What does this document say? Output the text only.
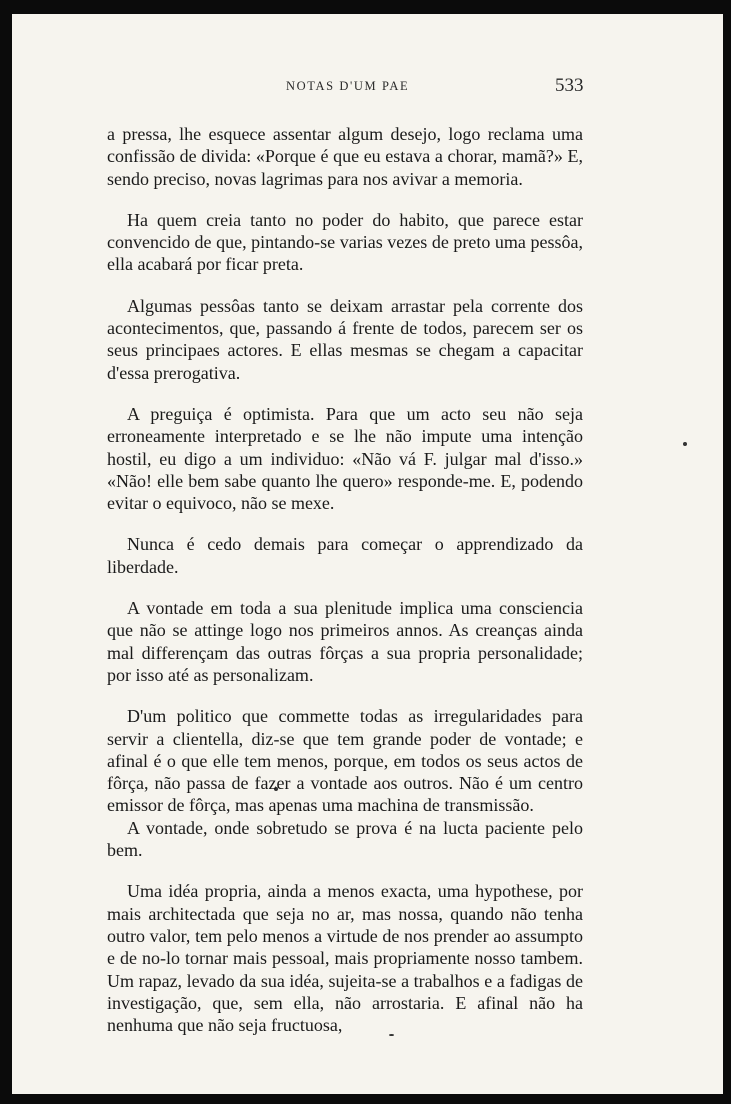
NOTAS D'UM PAE	533

a pressa, lhe esquece assentar algum desejo, logo reclama uma confissão de divida: «Porque é que eu estava a chorar, mamã?» E, sendo preciso, novas lagrimas para nos avivar a memoria.

Ha quem creia tanto no poder do habito, que parece estar convencido de que, pintando-se varias vezes de preto uma pessôa, ella acabará por ficar preta.

Algumas pessôas tanto se deixam arrastar pela corrente dos acontecimentos, que, passando á frente de todos, parecem ser os seus principaes actores. E ellas mesmas se chegam a capacitar d'essa prerogativa.

A preguiça é optimista. Para que um acto seu não seja erroneamente interpretado e se lhe não impute uma intenção hostil, eu digo a um individuo: «Não vá F. julgar mal d'isso.» «Não! elle bem sabe quanto lhe quero» responde-me. E, podendo evitar o equivoco, não se mexe.

Nunca é cedo demais para começar o apprendizado da liberdade.

A vontade em toda a sua plenitude implica uma consciencia que não se attinge logo nos primeiros annos. As creanças ainda mal differençam das outras fôrças a sua propria personalidade; por isso até as personalizam.

D'um politico que commette todas as irregularidades para servir a clientella, diz-se que tem grande poder de vontade; e afinal é o que elle tem menos, porque, em todos os seus actos de fôrça, não passa de fazer a vontade aos outros. Não é um centro emissor de fôrça, mas apenas uma machina de transmissão.

A vontade, onde sobretudo se prova é na lucta paciente pelo bem.

Uma idéa propria, ainda a menos exacta, uma hypothese, por mais architectada que seja no ar, mas nossa, quando não tenha outro valor, tem pelo menos a virtude de nos prender ao assumpto e de no-lo tornar mais pessoal, mais propriamente nosso tambem. Um rapaz, levado da sua idéa, sujeita-se a trabalhos e a fadigas de investigação, que, sem ella, não arrostaria. E afinal não ha nenhuma que não seja fructuosa,
